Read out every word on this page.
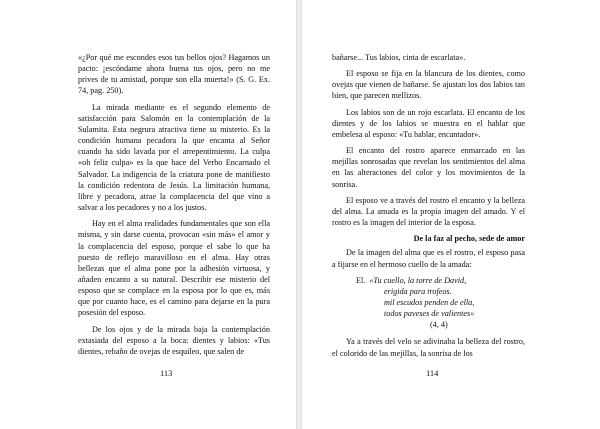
«¿Por qué me escondes esos tus bellos ojos? Hagamos un pacto: ¡escóndame ahora buena tus ojos, pero no me prives de tu amistad, porque son ella muerta!» (S. G. Ex. 74, pag. 250).

La mirada mediante es el segundo elemento de satisfacción para Salomón en la contemplación de la Sulamita. Esta negrura atractiva tiene su misterio. Es la condición humana pecadora la que encanta al Señor cuando ha sido lavada por el arrepentimiento. La culpa «oh feliz culpa» es la que hace del Verbo Encarnado el Salvador. La indigencia de la criatura pone de manifiesto la condición redentora de Jesús. La limitación humana, libre y pecadora, atrae la complacencia del que vino a salvar a los pecadores y no a los justos.

Hay en el alma realidades fundamentales que son ella misma, y sin darse cuenta, provocan «sin más» el amor y la complacencia del esposo, porque el sabe lo que ha puesto de reflejo maravilloso en el alma. Hay otras bellezas que el alma pone por la adhesión virtuosa, y añaden encanto a su natural. Describir ese misterio del esposo que se complace en la esposa por lo que es, más que por cuanto hace, es el camino para dejarse en la pura posesión del esposo.

De los ojos y de la mirada baja la contemplación extasiada del esposo a la boca: dientes y labios: «Tus dientes, rebaño de ovejas de esquileo, que salen de

113

bañarse... Tus labios, cinta de escarlata».

El esposo se fija en la blancura de los dientes, como ovejas que vienen de bañarse. Se ajustan los dos labios tan bien, que parecen mellizos.

Los labios son de un rojo escarlata. El encanto de los dientes y de los labios se muestra en el hablar que embelesa al esposo: «Tu hablar, encantador».

El encanto del rostro aparece enmarcado en las mejillas sonrosadas que revelan los sentimientos del alma en las alteraciones del color y los movimientos de la sonrisa.

El esposo ve a través del rostro el encanto y la belleza del alma. La amada es la propia imagen del amado. Y el rostro es la imagen del interior de la esposa.

De la faz al pecho, sede de amor

De la imagen del alma que es el rostro, el esposo pasa a fijarse en el hermoso cuello de la amada:

El. «Tu cuello, la torre de David,
erigida para trofeos.
mil escudos penden de ella,
todos paveses de valientes»
(4, 4)

Ya a través del velo se adivinaba la belleza del rostro, el colorido de las mejillas, la sonrisa de los

114
